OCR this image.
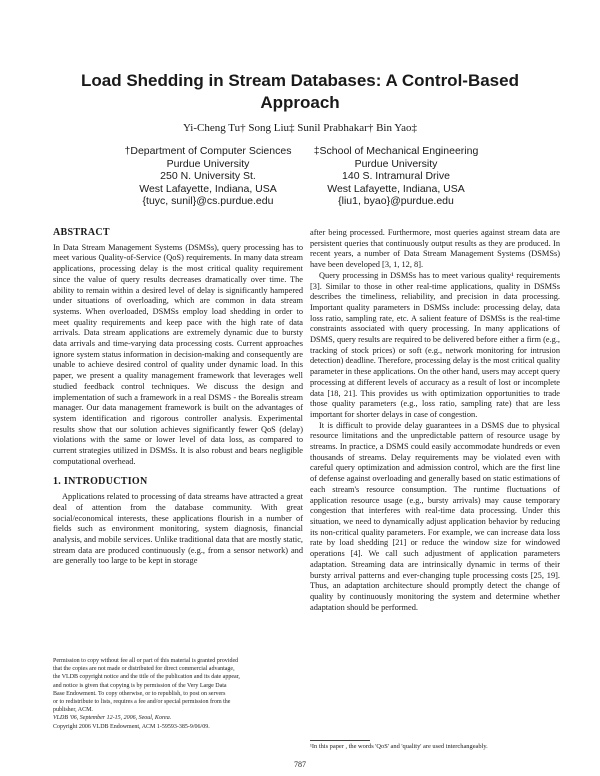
Load Shedding in Stream Databases: A Control-Based
Approach
Yi-Cheng Tu† Song Liu‡ Sunil Prabhakar† Bin Yao‡
†Department of Computer Sciences
Purdue University
250 N. University St.
West Lafayette, Indiana, USA
{tuyc, sunil}@cs.purdue.edu
‡School of Mechanical Engineering
Purdue University
140 S. Intramural Drive
West Lafayette, Indiana, USA
{liu1, byao}@purdue.edu
ABSTRACT

In Data Stream Management Systems (DSMSs), query processing has to meet various Quality-of-Service (QoS) requirements. In many data stream applications, processing delay is the most critical quality requirement since the value of query results decreases dramatically over time. The ability to remain within a desired level of delay is significantly hampered under situations of overloading, which are common in data stream systems. When overloaded, DSMSs employ load shedding in order to meet quality requirements and keep pace with the high rate of data arrivals. Data stream applications are extremely dynamic due to bursty data arrivals and time-varying data processing costs. Current approaches ignore system status information in decision-making and consequently are unable to achieve desired control of quality under dynamic load. In this paper, we present a quality management framework that leverages well studied feedback control techniques. We discuss the design and implementation of such a framework in a real DSMS - the Borealis stream manager. Our data management framework is built on the advantages of system identification and rigorous controller analysis. Experimental results show that our solution achieves significantly fewer QoS (delay) violations with the same or lower level of data loss, as compared to current strategies utilized in DSMSs. It is also robust and bears negligible computational overhead.

1. INTRODUCTION

Applications related to processing of data streams have attracted a great deal of attention from the database community. With great social/economical interests, these applications flourish in a number of fields such as environment monitoring, system diagnosis, financial analysis, and mobile services. Unlike traditional data that are mostly static, stream data are produced continuously (e.g., from a sensor network) and are generally too large to be kept in storage

Permission to copy without fee all or part of this material is granted provided
that the copies are not made or distributed for direct commercial advantage,
the VLDB copyright notice and the title of the publication and its date appear,
and notice is given that copying is by permission of the Very Large Data
Base Endowment. To copy otherwise, or to republish, to post on servers
or to redistribute to lists, requires a fee and/or special permission from the
publisher, ACM.
VLDB '06, September 12-15, 2006, Seoul, Korea.
Copyright 2006 VLDB Endowment, ACM 1-59593-385-9/06/09.

after being processed. Furthermore, most queries against stream data are persistent queries that continuously output results as they are produced. In recent years, a number of Data Stream Management Systems (DSMSs) have been developed [3, 1, 12, 8].

Query processing in DSMSs has to meet various quality¹ requirements [3]. Similar to those in other real-time applications, quality in DSMSs describes the timeliness, reliability, and precision in data processing. Important quality parameters in DSMSs include: processing delay, data loss ratio, sampling rate, etc. A salient feature of DSMSs is the real-time constraints associated with query processing. In many applications of DSMS, query results are required to be delivered before either a firm (e.g., tracking of stock prices) or soft (e.g., network monitoring for intrusion detection) deadline. Therefore, processing delay is the most critical quality parameter in these applications. On the other hand, users may accept query processing at different levels of accuracy as a result of lost or incomplete data [18, 21]. This provides us with optimization opportunities to trade those quality parameters (e.g., loss ratio, sampling rate) that are less important for shorter delays in case of congestion.

It is difficult to provide delay guarantees in a DSMS due to physical resource limitations and the unpredictable pattern of resource usage by streams. In practice, a DSMS could easily accommodate hundreds or even thousands of streams. Delay requirements may be violated even with careful query optimization and admission control, which are the first line of defense against overloading and generally based on static estimations of each stream's resource consumption. The runtime fluctuations of application resource usage (e.g., bursty arrivals) may cause temporary congestion that interferes with real-time data processing. Under this situation, we need to dynamically adjust application behavior by reducing its non-critical quality parameters. For example, we can increase data loss rate by load shedding [21] or reduce the window size for windowed operations [4]. We call such adjustment of application parameters adaptation. Streaming data are intrinsically dynamic in terms of their bursty arrival patterns and ever-changing tuple processing costs [25, 19]. Thus, an adaptation architecture should promptly detect the change of quality by continuously monitoring the system and determine whether adaptation should be performed.

¹In this paper , the words 'QoS' and 'quality' are used interchangeably.
787
